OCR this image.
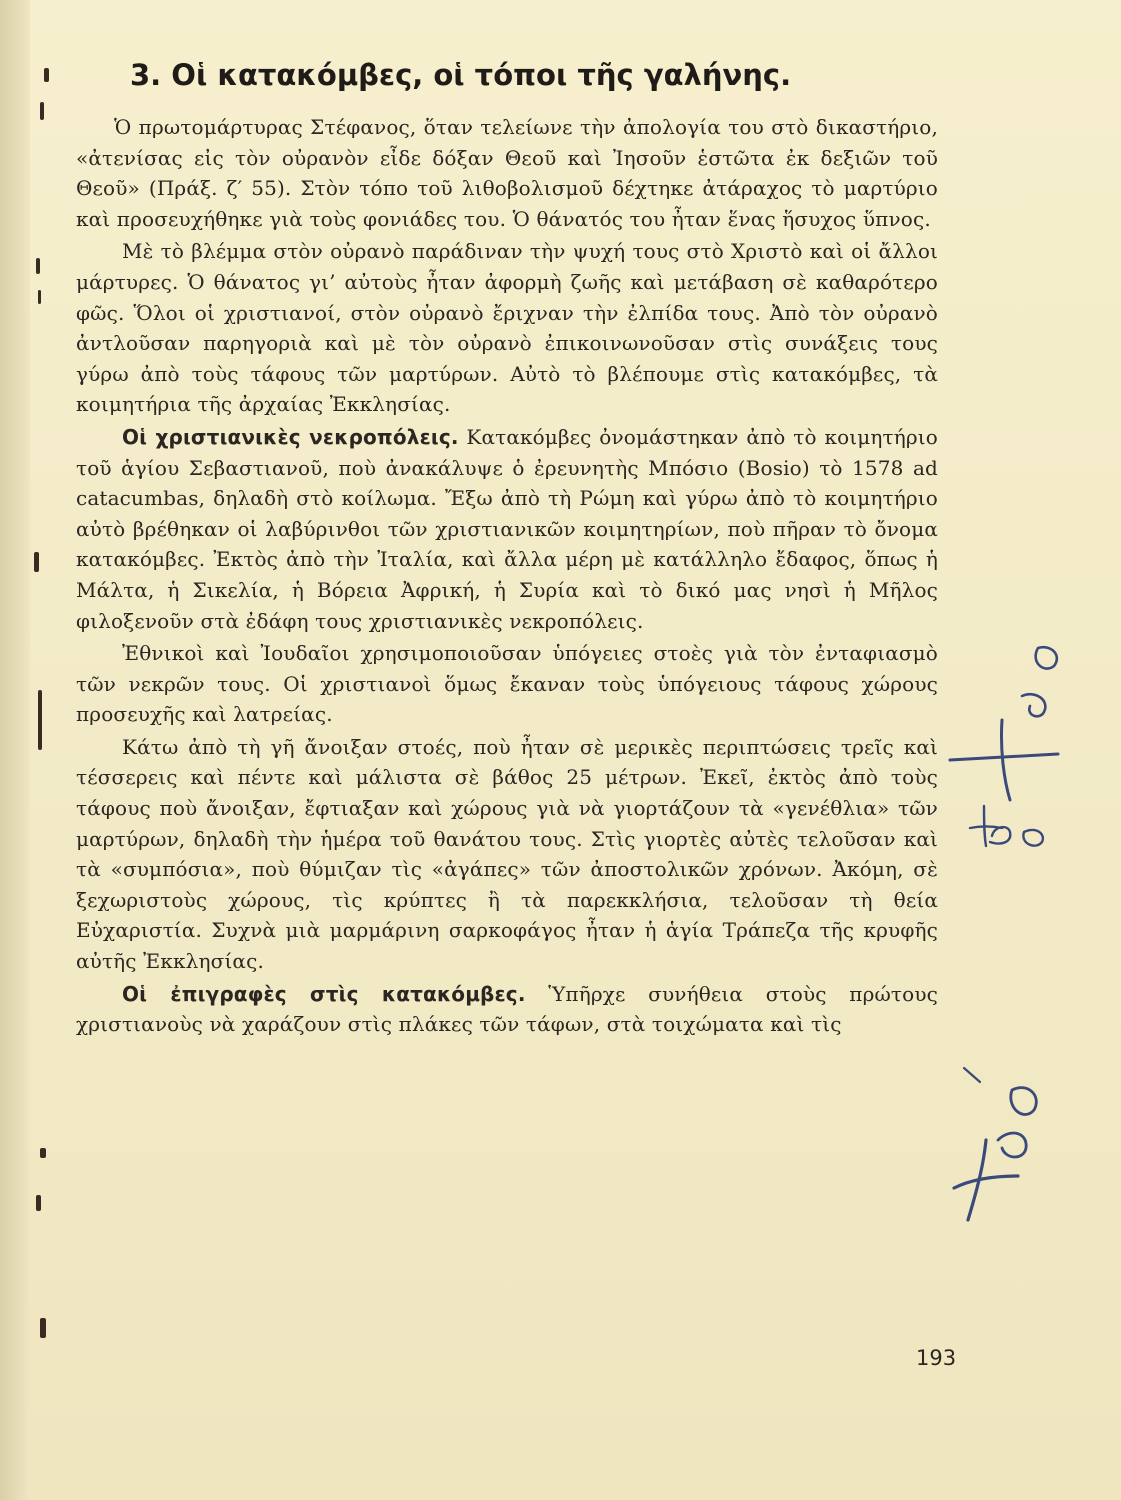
3. Οἱ κατακόμβες, οἱ τόποι τῆς γαλήνης.

Ὁ πρωτομάρτυρας Στέφανος, ὅταν τελείωνε τὴν ἀπολογία του στὸ δικαστήριο, «ἀτενίσας εἰς τὸν οὐρανὸν εἶδε δόξαν Θεοῦ καὶ Ἰησοῦν ἑστῶτα ἐκ δεξιῶν τοῦ Θεοῦ» (Πράξ. ζ′ 55). Στὸν τόπο τοῦ λιθοβολισμοῦ δέχτηκε ἀτάραχος τὸ μαρτύριο καὶ προσευχήθηκε γιὰ τοὺς φονιάδες του. Ὁ θάνατός του ἦταν ἕνας ἥσυχος ὕπνος.

Μὲ τὸ βλέμμα στὸν οὐρανὸ παράδιναν τὴν ψυχή τους στὸ Χριστὸ καὶ οἱ ἄλλοι μάρτυρες. Ὁ θάνατος γι’ αὐτοὺς ἦταν ἀφορμὴ ζωῆς καὶ μετάβαση σὲ καθαρότερο φῶς. Ὅλοι οἱ χριστιανοί, στὸν οὐρανὸ ἔριχναν τὴν ἐλπίδα τους. Ἀπὸ τὸν οὐρανὸ ἀντλοῦσαν παρηγοριὰ καὶ μὲ τὸν οὐρανὸ ἐπικοινωνοῦσαν στὶς συνάξεις τους γύρω ἀπὸ τοὺς τάφους τῶν μαρτύρων. Αὐτὸ τὸ βλέπουμε στὶς κατακόμβες, τὰ κοιμητήρια τῆς ἀρχαίας Ἐκκλησίας.

Οἱ χριστιανικὲς νεκροπόλεις. Κατακόμβες ὀνομάστηκαν ἀπὸ τὸ κοιμητήριο τοῦ ἁγίου Σεβαστιανοῦ, ποὺ ἀνακάλυψε ὁ ἐρευνητὴς Μπόσιο (Bosio) τὸ 1578 ad catacumbas, δηλαδὴ στὸ κοίλωμα. Ἔξω ἀπὸ τὴ Ρώμη καὶ γύρω ἀπὸ τὸ κοιμητήριο αὐτὸ βρέθηκαν οἱ λαβύρινθοι τῶν χριστιανικῶν κοιμητηρίων, ποὺ πῆραν τὸ ὄνομα κατακόμβες. Ἐκτὸς ἀπὸ τὴν Ἰταλία, καὶ ἄλλα μέρη μὲ κατάλληλο ἔδαφος, ὅπως ἡ Μάλτα, ἡ Σικελία, ἡ Βόρεια Ἀφρική, ἡ Συρία καὶ τὸ δικό μας νησὶ ἡ Μῆλος φιλοξενοῦν στὰ ἐδάφη τους χριστιανικὲς νεκροπόλεις.

Ἐθνικοὶ καὶ Ἰουδαῖοι χρησιμοποιοῦσαν ὑπόγειες στοὲς γιὰ τὸν ἐνταφιασμὸ τῶν νεκρῶν τους. Οἱ χριστιανοὶ ὅμως ἔκαναν τοὺς ὑπόγειους τάφους χώρους προσευχῆς καὶ λατρείας.

Κάτω ἀπὸ τὴ γῆ ἄνοιξαν στοές, ποὺ ἦταν σὲ μερικὲς περιπτώσεις τρεῖς καὶ τέσσερεις καὶ πέντε καὶ μάλιστα σὲ βάθος 25 μέτρων. Ἐκεῖ, ἐκτὸς ἀπὸ τοὺς τάφους ποὺ ἄνοιξαν, ἔφτιαξαν καὶ χώρους γιὰ νὰ γιορτάζουν τὰ «γενέθλια» τῶν μαρτύρων, δηλαδὴ τὴν ἡμέρα τοῦ θανάτου τους. Στὶς γιορτὲς αὐτὲς τελοῦσαν καὶ τὰ «συμπόσια», ποὺ θύμιζαν τὶς «ἀγάπες» τῶν ἀποστολικῶν χρόνων. Ἀκόμη, σὲ ξεχωριστοὺς χώρους, τὶς κρύπτες ἢ τὰ παρεκκλήσια, τελοῦσαν τὴ θεία Εὐχαριστία. Συχνὰ μιὰ μαρμάρινη σαρκοφάγος ἦταν ἡ ἁγία Τράπεζα τῆς κρυφῆς αὐτῆς Ἐκκλησίας.

Οἱ ἐπιγραφὲς στὶς κατακόμβες. Ὑπῆρχε συνήθεια στοὺς πρώτους χριστιανοὺς νὰ χαράζουν στὶς πλάκες τῶν τάφων, στὰ τοιχώματα καὶ τὶς

193
